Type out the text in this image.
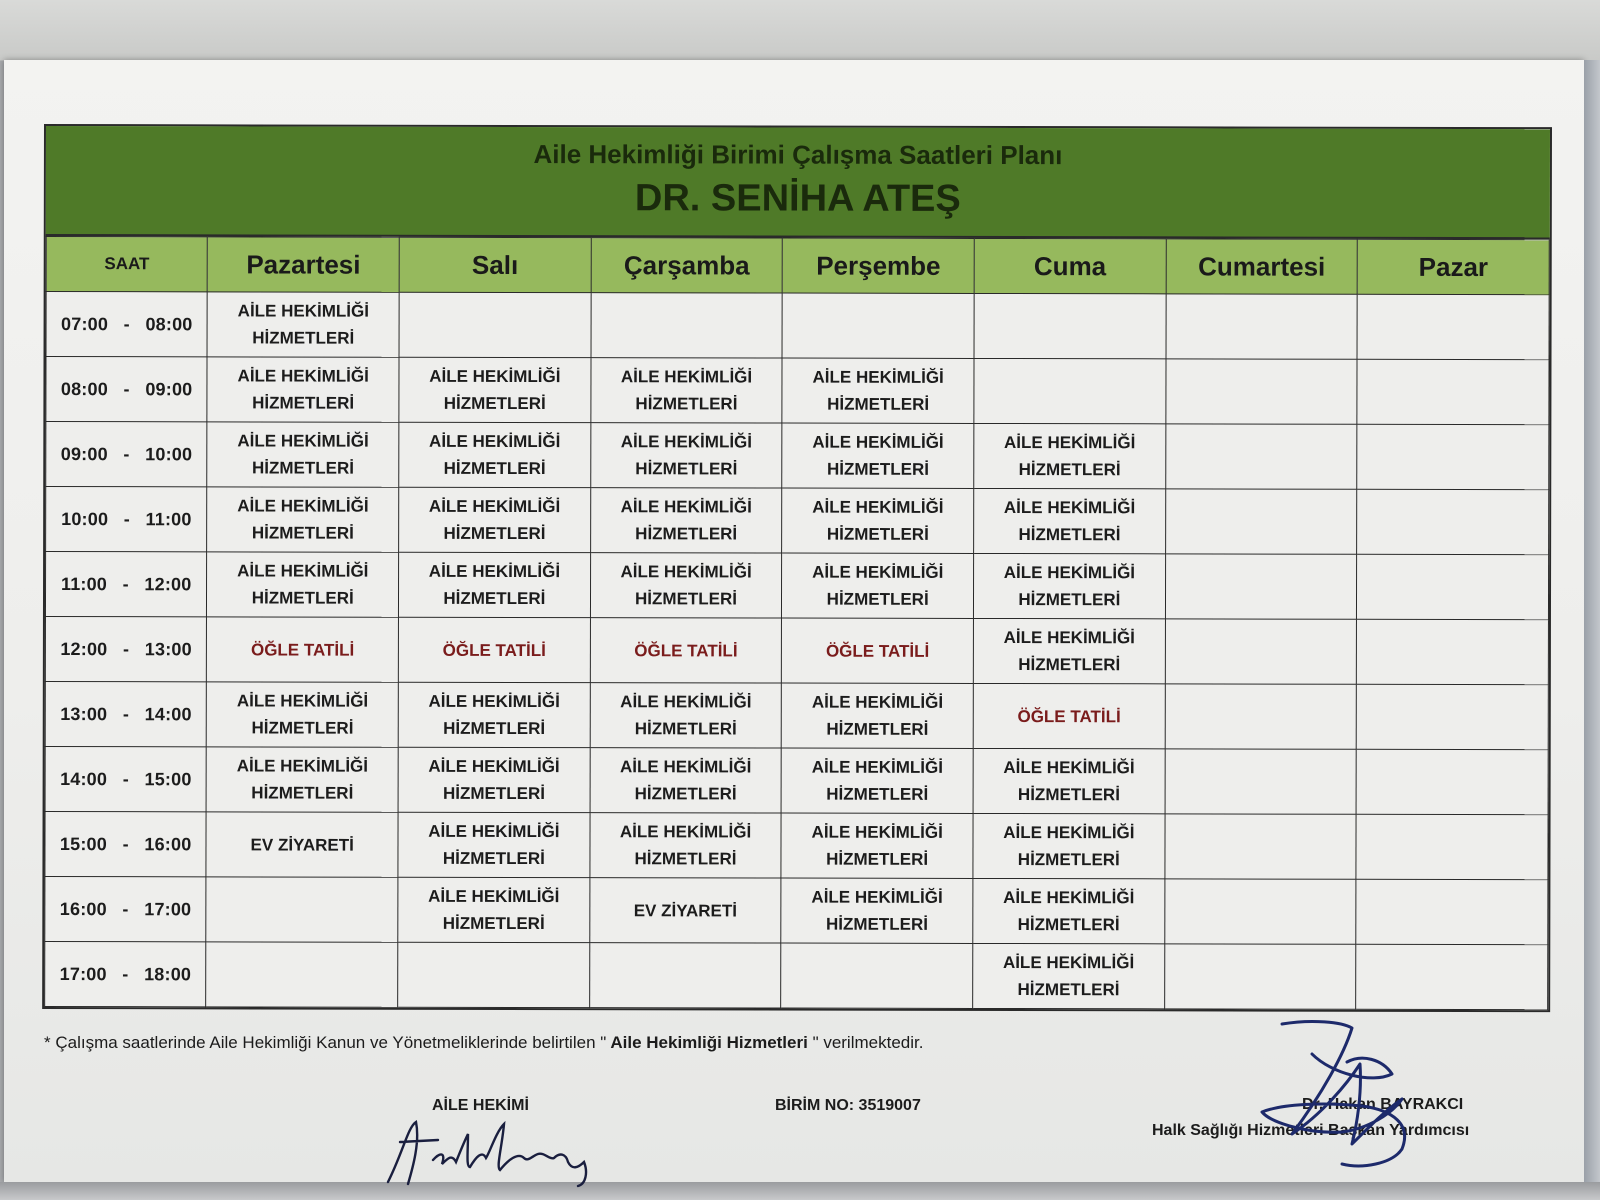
Aile Hekimliği Birimi Çalışma Saatleri Planı
DR. SENİHA ATEŞ
SAAT	Pazartesi	Salı	Çarşamba	Perşembe	Cuma	Cumartesi	Pazar
07:00   -   08:00	AİLE HEKİMLİĞİ
HİZMETLERİ						
08:00   -   09:00	AİLE HEKİMLİĞİ
HİZMETLERİ	AİLE HEKİMLİĞİ
HİZMETLERİ	AİLE HEKİMLİĞİ
HİZMETLERİ	AİLE HEKİMLİĞİ
HİZMETLERİ			
09:00   -   10:00	AİLE HEKİMLİĞİ
HİZMETLERİ	AİLE HEKİMLİĞİ
HİZMETLERİ	AİLE HEKİMLİĞİ
HİZMETLERİ	AİLE HEKİMLİĞİ
HİZMETLERİ	AİLE HEKİMLİĞİ
HİZMETLERİ		
10:00   -   11:00	AİLE HEKİMLİĞİ
HİZMETLERİ	AİLE HEKİMLİĞİ
HİZMETLERİ	AİLE HEKİMLİĞİ
HİZMETLERİ	AİLE HEKİMLİĞİ
HİZMETLERİ	AİLE HEKİMLİĞİ
HİZMETLERİ		
11:00   -   12:00	AİLE HEKİMLİĞİ
HİZMETLERİ	AİLE HEKİMLİĞİ
HİZMETLERİ	AİLE HEKİMLİĞİ
HİZMETLERİ	AİLE HEKİMLİĞİ
HİZMETLERİ	AİLE HEKİMLİĞİ
HİZMETLERİ		
12:00   -   13:00	ÖĞLE TATİLİ	ÖĞLE TATİLİ	ÖĞLE TATİLİ	ÖĞLE TATİLİ	AİLE HEKİMLİĞİ
HİZMETLERİ		
13:00   -   14:00	AİLE HEKİMLİĞİ
HİZMETLERİ	AİLE HEKİMLİĞİ
HİZMETLERİ	AİLE HEKİMLİĞİ
HİZMETLERİ	AİLE HEKİMLİĞİ
HİZMETLERİ	ÖĞLE TATİLİ		
14:00   -   15:00	AİLE HEKİMLİĞİ
HİZMETLERİ	AİLE HEKİMLİĞİ
HİZMETLERİ	AİLE HEKİMLİĞİ
HİZMETLERİ	AİLE HEKİMLİĞİ
HİZMETLERİ	AİLE HEKİMLİĞİ
HİZMETLERİ		
15:00   -   16:00	EV ZİYARETİ	AİLE HEKİMLİĞİ
HİZMETLERİ	AİLE HEKİMLİĞİ
HİZMETLERİ	AİLE HEKİMLİĞİ
HİZMETLERİ	AİLE HEKİMLİĞİ
HİZMETLERİ		
16:00   -   17:00		AİLE HEKİMLİĞİ
HİZMETLERİ	EV ZİYARETİ	AİLE HEKİMLİĞİ
HİZMETLERİ	AİLE HEKİMLİĞİ
HİZMETLERİ		
17:00   -   18:00					AİLE HEKİMLİĞİ
HİZMETLERİ		
* Çalışma saatlerinde Aile Hekimliği Kanun ve Yönetmeliklerinde belirtilen " Aile Hekimliği Hizmetleri " verilmektedir.
AİLE HEKİMİ	BİRİM NO: 3519007	Dr. Hakan BAYRAKCI
Halk Sağlığı Hizmetleri Başkan Yardımcısı
